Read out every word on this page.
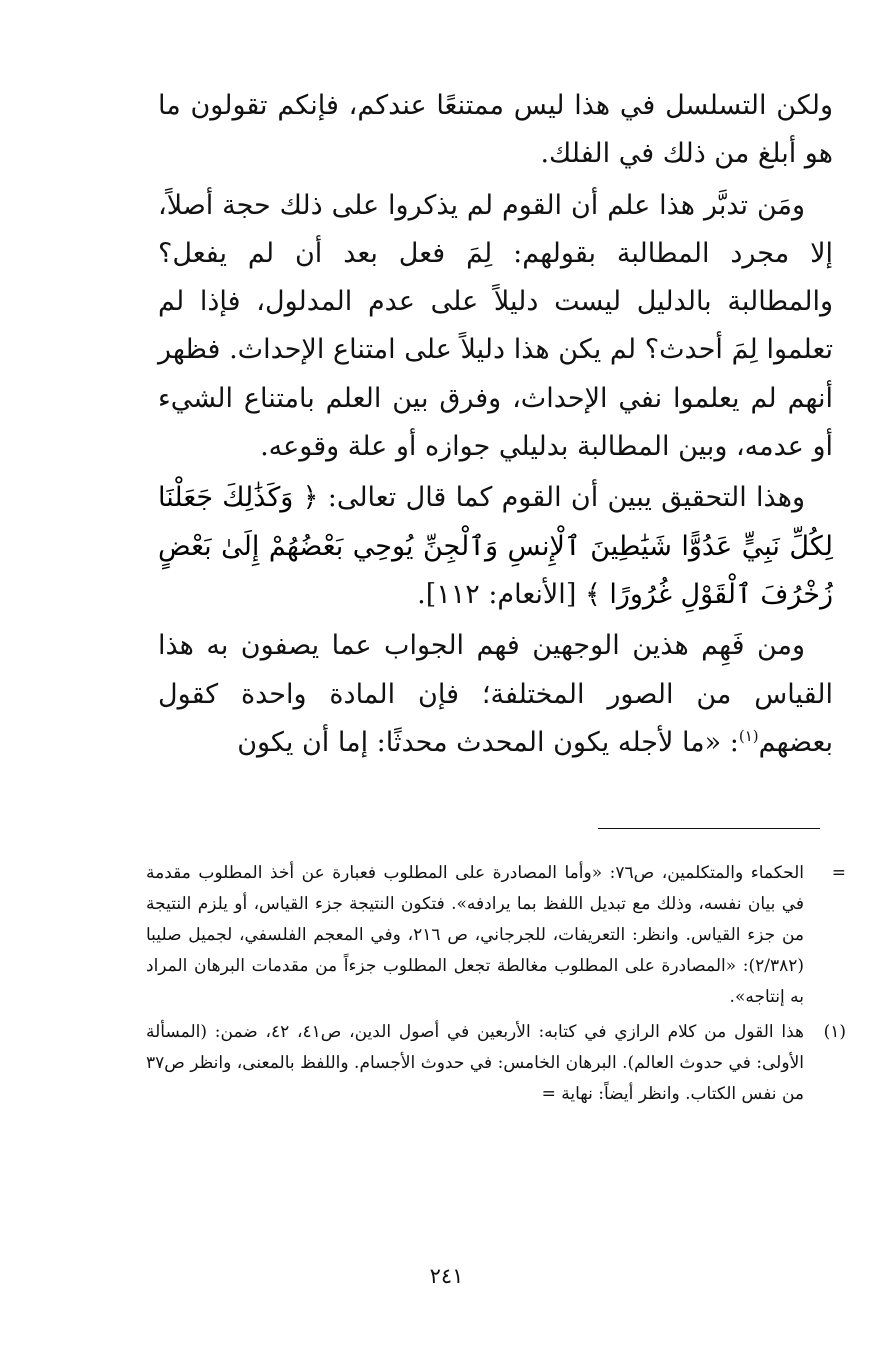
ولكن التسلسل في هذا ليس ممتنعًا عندكم، فإنكم تقولون ما هو أبلغ من ذلك في الفلك.

ومَن تدبَّر هذا علم أن القوم لم يذكروا على ذلك حجة أصلاً، إلا مجرد المطالبة بقولهم: لِمَ فعل بعد أن لم يفعل؟ والمطالبة بالدليل ليست دليلاً على عدم المدلول، فإذا لم تعلموا لِمَ أحدث؟ لم يكن هذا دليلاً على امتناع الإحداث. فظهر أنهم لم يعلموا نفي الإحداث، وفرق بين العلم بامتناع الشيء أو عدمه، وبين المطالبة بدليلي جوازه أو علة وقوعه.

وهذا التحقيق يبين أن القوم كما قال تعالى: ﴿ وَكَذَٰلِكَ جَعَلْنَا لِكُلِّ نَبِيٍّ عَدُوًّا شَيَٰطِينَ ٱلْإِنسِ وَٱلْجِنِّ يُوحِي بَعْضُهُمْ إِلَىٰ بَعْضٍ زُخْرُفَ ٱلْقَوْلِ غُرُورًا ﴾ [الأنعام: ١١٢].

ومن فَهِم هذين الوجهين فهم الجواب عما يصفون به هذا القياس من الصور المختلفة؛ فإن المادة واحدة كقول بعضهم$^{(١)}$: «ما لأجله يكون المحدث محدثًا: إما أن يكون

=
الحكماء والمتكلمين، ص٧٦: «وأما المصادرة على المطلوب فعبارة عن أخذ المطلوب مقدمة في بيان نفسه، وذلك مع تبديل اللفظ بما يرادفه». فتكون النتيجة جزء القياس، أو يلزم النتيجة من جزء القياس. وانظر: التعريفات، للجرجاني، ص ٢١٦، وفي المعجم الفلسفي، لجميل صليبا (٢/٣٨٢): «المصادرة على المطلوب مغالطة تجعل المطلوب جزءاً من مقدمات البرهان المراد به إنتاجه».
(١)
هذا القول من كلام الرازي في كتابه: الأربعين في أصول الدين، ص٤١، ٤٢، ضمن: (المسألة الأولى: في حدوث العالم). البرهان الخامس: في حدوث الأجسام. واللفظ بالمعنى، وانظر ص٣٧ من نفس الكتاب. وانظر أيضاً: نهاية =
٢٤١
